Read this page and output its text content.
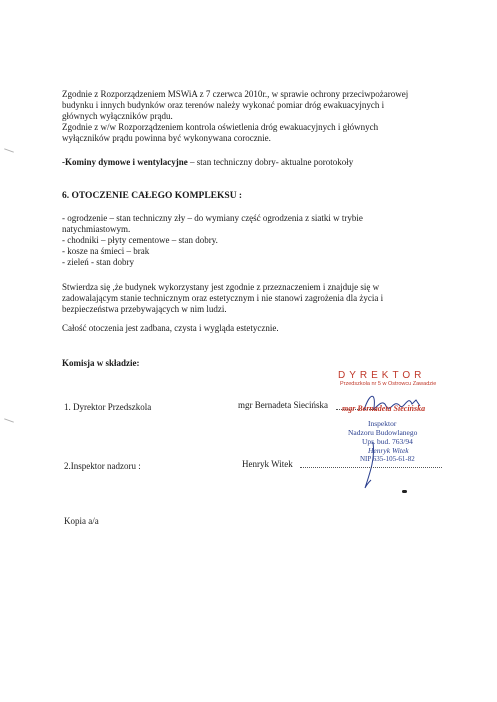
Zgodnie z Rozporządzeniem MSWiA z 7 czerwca 2010r., w sprawie ochrony przeciwpożarowej
budynku i innych budynków oraz terenów należy wykonać pomiar dróg ewakuacyjnych i
głównych wyłączników prądu.
Zgodnie z w/w Rozporządzeniem kontrola oświetlenia dróg ewakuacyjnych i głównych
wyłączników prądu powinna być wykonywana corocznie.
-Kominy dymowe i wentylacyjne – stan techniczny dobry- aktualne porotokoły
6. OTOCZENIE CAŁEGO KOMPLEKSU :
- ogrodzenie – stan techniczny zły – do wymiany część ogrodzenia z siatki w trybie
natychmiastowym.
- chodniki – płyty cementowe – stan dobry.
- kosze na śmieci – brak
- zieleń - stan dobry
Stwierdza się ,że budynek wykorzystany jest zgodnie z przeznaczeniem i znajduje się w
zadowalającym stanie technicznym oraz estetycznym i nie stanowi zagrożenia dla życia i
bezpieczeństwa przebywających w nim ludzi.
Całość otoczenia jest zadbana, czysta i wygląda estetycznie.
Komisja w składzie:
DYREKTOR
Przedszkola nr 5 w Ostrowcu Zawadzie
1. Dyrektor Przedszkola	mgr Bernadeta Siecińska mgr Bernadeta Siecińska
Inspektor
Nadzoru Budowlanego
Upr. bud. 763/94
Henryk Witek
NIP 635-105-61-82
2.Inspektor nadzoru :	Henryk Witek
Kopia a/a
